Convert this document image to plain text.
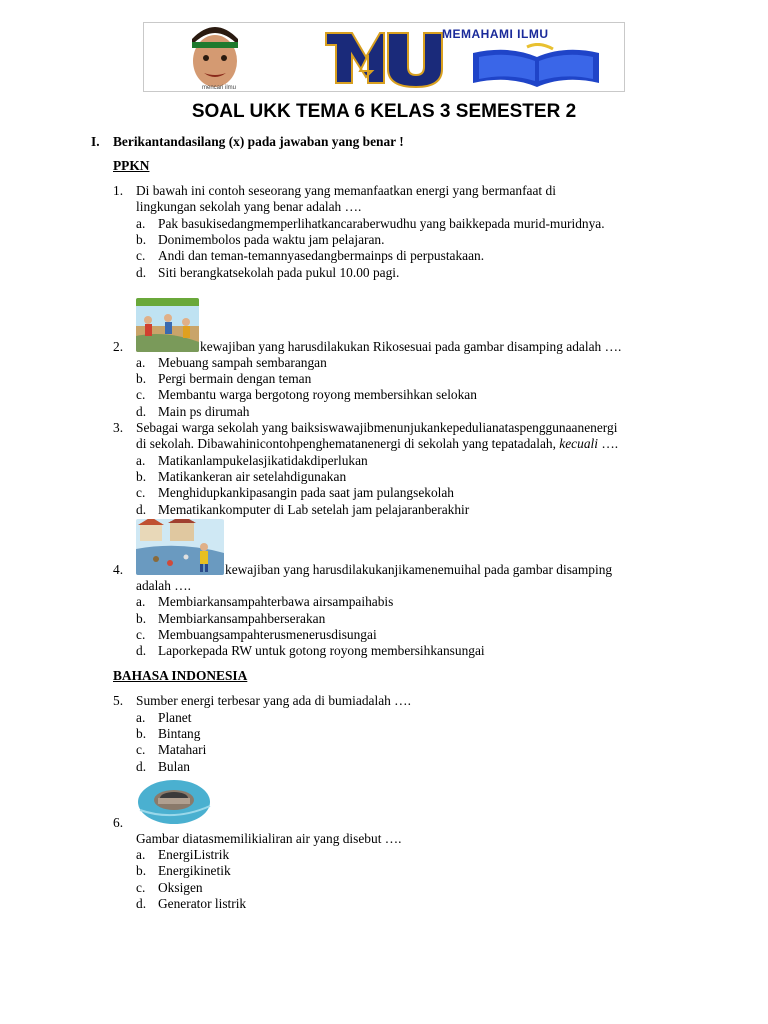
mencari ilmu
MEMAHAMI ILMU
SOAL UKK TEMA 6 KELAS 3 SEMESTER 2
I. Berikantandasilang (x) pada jawaban yang benar !
PPKN
1. Di bawah ini contoh seseorang yang memanfaatkan energi yang bermanfaat di
lingkungan sekolah yang benar adalah ….
a. Pak basukisedangmemperlihatkancaraberwudhu yang baikkepada murid-muridnya.
b. Donimembolos pada waktu jam pelajaran.
c. Andi dan teman-temannyasedangbermainps di perpustakaan.
d. Siti berangkatsekolah pada pukul 10.00 pagi.
2.	kewajiban yang harusdilakukan Rikosesuai pada gambar disamping adalah ….
a. Mebuang sampah sembarangan
b. Pergi bermain dengan teman
c. Membantu warga bergotong royong membersihkan selokan
d. Main ps dirumah
3. Sebagai warga sekolah yang baiksiswawajibmenunjukankepedulianataspenggunaanenergi
di sekolah. Dibawahinicontohpenghematanenergi di sekolah yang tepatadalah, kecuali ….
a. Matikanlampukelasjikatidakdiperlukan
b. Matikankeran air setelahdigunakan
c. Menghidupkankipasangin pada saat jam pulangsekolah
d. Mematikankomputer di Lab setelah jam pelajaranberakhir
4.	kewajiban yang harusdilakukanjikamenemuihal pada gambar disamping
adalah ….
a. Membiarkansampahterbawa airsampaihabis
b. Membiarkansampahberserakan
c. Membuangsampahterusmenerusdisungai
d. Laporkepada RW untuk gotong royong membersihkansungai
BAHASA INDONESIA
5. Sumber energi terbesar yang ada di bumiadalah ….
a. Planet
b. Bintang
c. Matahari
d. Bulan
6.
Gambar diatasmemilikialiran air yang disebut ….
a. EnergiListrik
b. Energikinetik
c. Oksigen
d. Generator listrik
